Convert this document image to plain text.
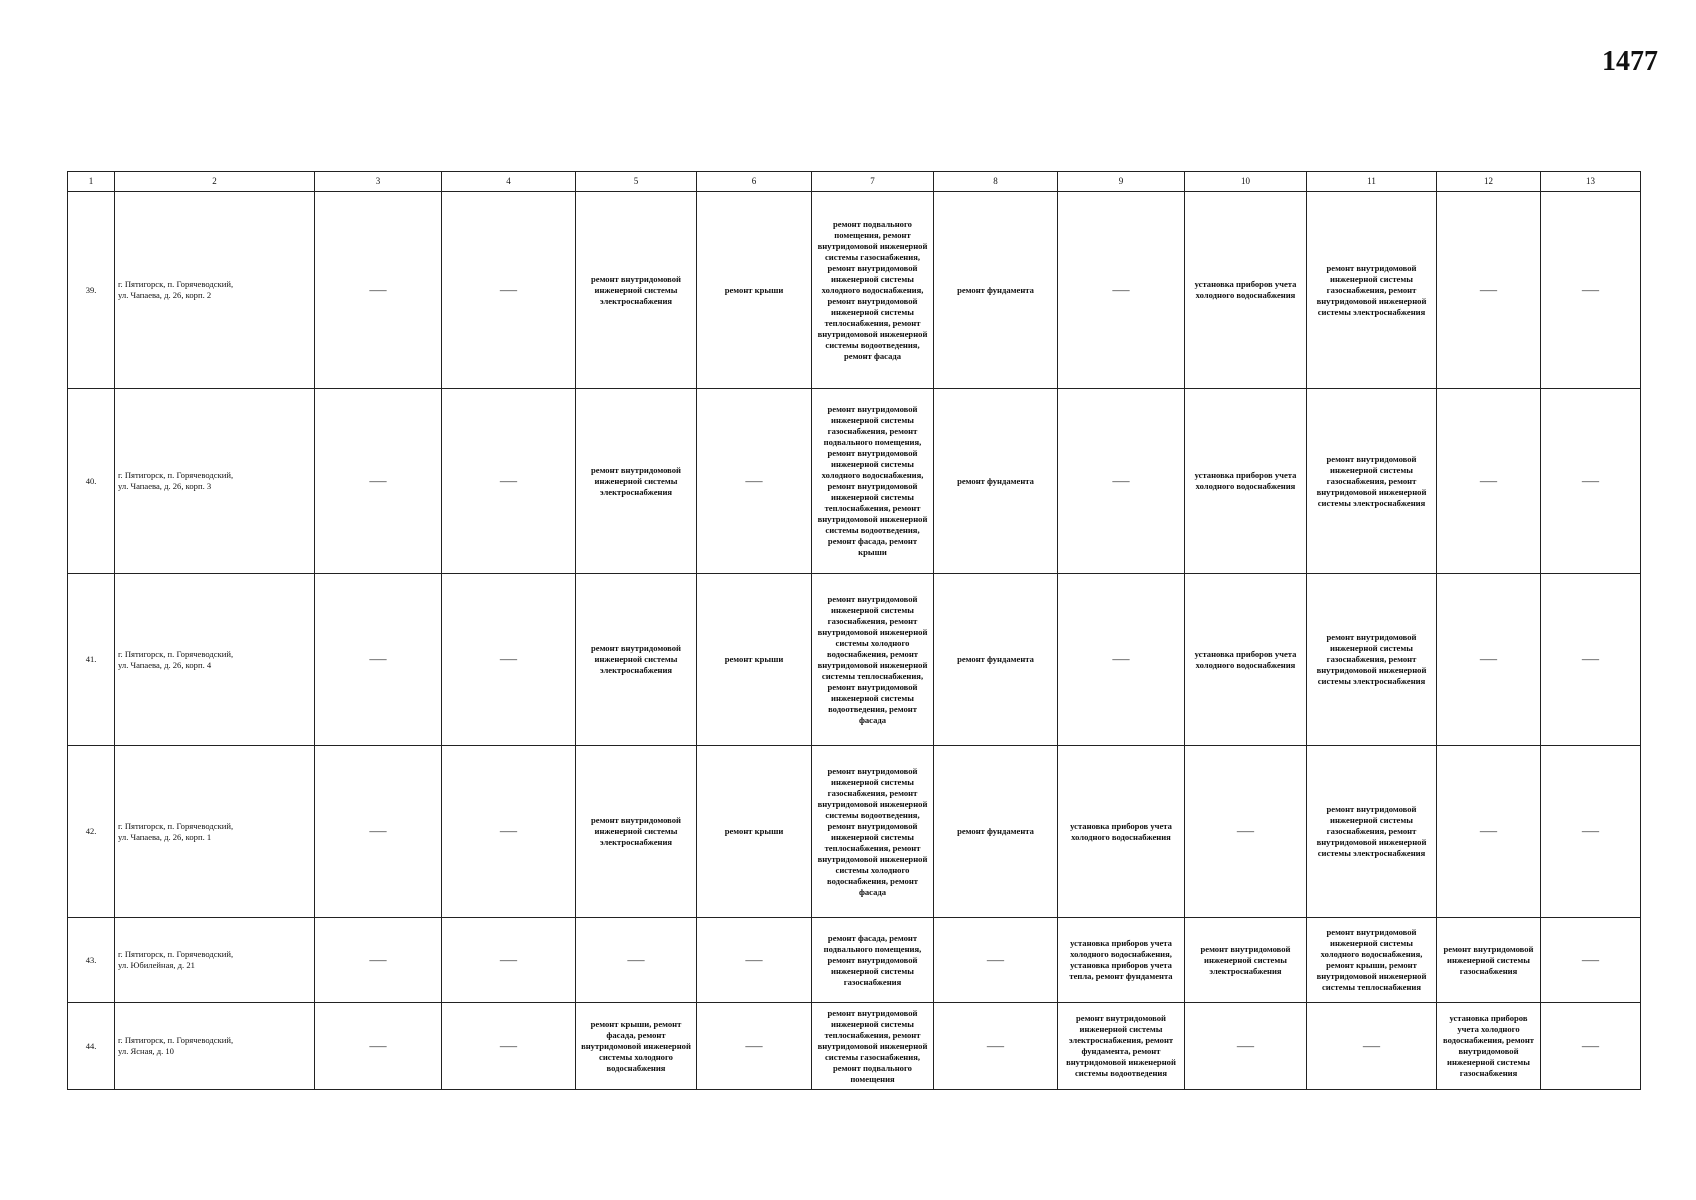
1477
1	2	3	4	5	6	7	8	9	10	11	12	13
39.	г. Пятигорск, п. Горячеводский,
ул. Чапаева, д. 26, корп. 2	——	——	ремонт внутридомовой инженерной системы электроснабжения	ремонт крыши	ремонт подвального помещения, ремонт внутридомовой инженерной системы газоснабжения, ремонт внутридомовой инженерной системы холодного водоснабжения, ремонт внутридомовой инженерной системы теплоснабжения, ремонт внутридомовой инженерной системы водоотведения, ремонт фасада	ремонт фундамента	——	установка приборов учета холодного водоснабжения	ремонт внутридомовой инженерной системы газоснабжения, ремонт внутридомовой инженерной системы электроснабжения	——	——
40.	г. Пятигорск, п. Горячеводский,
ул. Чапаева, д. 26, корп. 3	——	——	ремонт внутридомовой инженерной системы электроснабжения	——	ремонт внутридомовой инженерной системы газоснабжения, ремонт подвального помещения, ремонт внутридомовой инженерной системы холодного водоснабжения, ремонт внутридомовой инженерной системы теплоснабжения, ремонт внутридомовой инженерной системы водоотведения, ремонт фасада, ремонт крыши	ремонт фундамента	——	установка приборов учета холодного водоснабжения	ремонт внутридомовой инженерной системы газоснабжения, ремонт внутридомовой инженерной системы электроснабжения	——	——
41.	г. Пятигорск, п. Горячеводский,
ул. Чапаева, д. 26, корп. 4	——	——	ремонт внутридомовой инженерной системы электроснабжения	ремонт крыши	ремонт внутридомовой инженерной системы газоснабжения, ремонт внутридомовой инженерной системы холодного водоснабжения, ремонт внутридомовой инженерной системы теплоснабжения, ремонт внутридомовой инженерной системы водоотведения, ремонт фасада	ремонт фундамента	——	установка приборов учета холодного водоснабжения	ремонт внутридомовой инженерной системы газоснабжения, ремонт внутридомовой инженерной системы электроснабжения	——	——
42.	г. Пятигорск, п. Горячеводский,
ул. Чапаева, д. 26, корп. 1	——	——	ремонт внутридомовой инженерной системы электроснабжения	ремонт крыши	ремонт внутридомовой инженерной системы газоснабжения, ремонт внутридомовой инженерной системы водоотведения, ремонт внутридомовой инженерной системы теплоснабжения, ремонт внутридомовой инженерной системы холодного водоснабжения, ремонт фасада	ремонт фундамента	установка приборов учета холодного водоснабжения	——	ремонт внутридомовой инженерной системы газоснабжения, ремонт внутридомовой инженерной системы электроснабжения	——	——
43.	г. Пятигорск, п. Горячеводский,
ул. Юбилейная, д. 21	——	——	——	——	ремонт фасада, ремонт подвального помещения, ремонт внутридомовой инженерной системы газоснабжения	——	установка приборов учета холодного водоснабжения, установка приборов учета тепла, ремонт фундамента	ремонт внутридомовой инженерной системы электроснабжения	ремонт внутридомовой инженерной системы холодного водоснабжения, ремонт крыши, ремонт внутридомовой инженерной системы теплоснабжения	ремонт внутридомовой инженерной системы газоснабжения	——
44.	г. Пятигорск, п. Горячеводский,
ул. Ясная, д. 10	——	——	ремонт крыши, ремонт фасада, ремонт внутридомовой инженерной системы холодного водоснабжения	——	ремонт внутридомовой инженерной системы теплоснабжения, ремонт внутридомовой инженерной системы газоснабжения, ремонт подвального помещения	——	ремонт внутридомовой инженерной системы электроснабжения, ремонт фундамента, ремонт внутридомовой инженерной системы водоотведения	——	——	установка приборов учета холодного водоснабжения, ремонт внутридомовой инженерной системы газоснабжения	——
